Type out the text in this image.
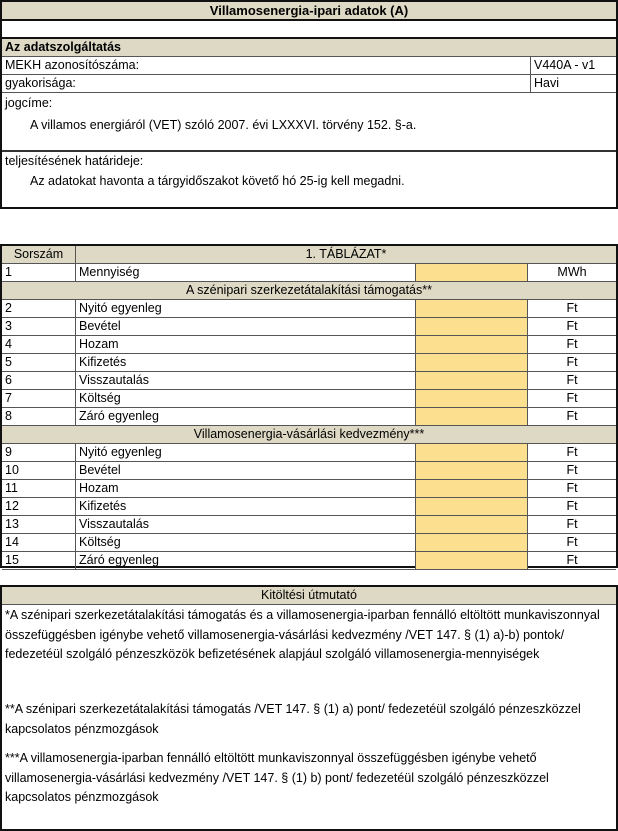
Villamosenergia-ipari adatok (A)
Az adatszolgáltatás
MEKH azonosítószáma:	V440A - v1
gyakorisága:	Havi
jogcíme:
A villamos energiáról (VET) szóló 2007. évi LXXXVI. törvény 152. §-a.
teljesítésének határideje:
Az adatokat havonta a tárgyidőszakot követő hó 25-ig kell megadni.
Sorszám	1. TÁBLÁZAT*
1	Mennyiség	MWh
A szénipari szerkezetátalakítási támogatás**
2	Nyitó egyenleg	Ft
3	Bevétel	Ft
4	Hozam	Ft
5	Kifizetés	Ft
6	Visszautalás	Ft
7	Költség	Ft
8	Záró egyenleg	Ft
Villamosenergia-vásárlási kedvezmény***
9	Nyitó egyenleg	Ft
10	Bevétel	Ft
11	Hozam	Ft
12	Kifizetés	Ft
13	Visszautalás	Ft
14	Költség	Ft
15	Záró egyenleg	Ft
Kitöltési útmutató

*A szénipari szerkezetátalakítási támogatás és a villamosenergia-iparban fennálló eltöltött munkaviszonnyal összefüggésben igénybe vehető villamosenergia-vásárlási kedvezmény /VET 147. § (1) a)-b) pontok/ fedezetéül szolgáló pénzeszközök befizetésének alapjául szolgáló villamosenergia-mennyiségek

**A szénipari szerkezetátalakítási támogatás /VET 147. § (1) a) pont/ fedezetéül szolgáló pénzeszközzel kapcsolatos pénzmozgások

***A villamosenergia-iparban fennálló eltöltött munkaviszonnyal összefüggésben igénybe vehető villamosenergia-vásárlási kedvezmény /VET 147. § (1) b) pont/ fedezetéül szolgáló pénzeszközzel kapcsolatos pénzmozgások
